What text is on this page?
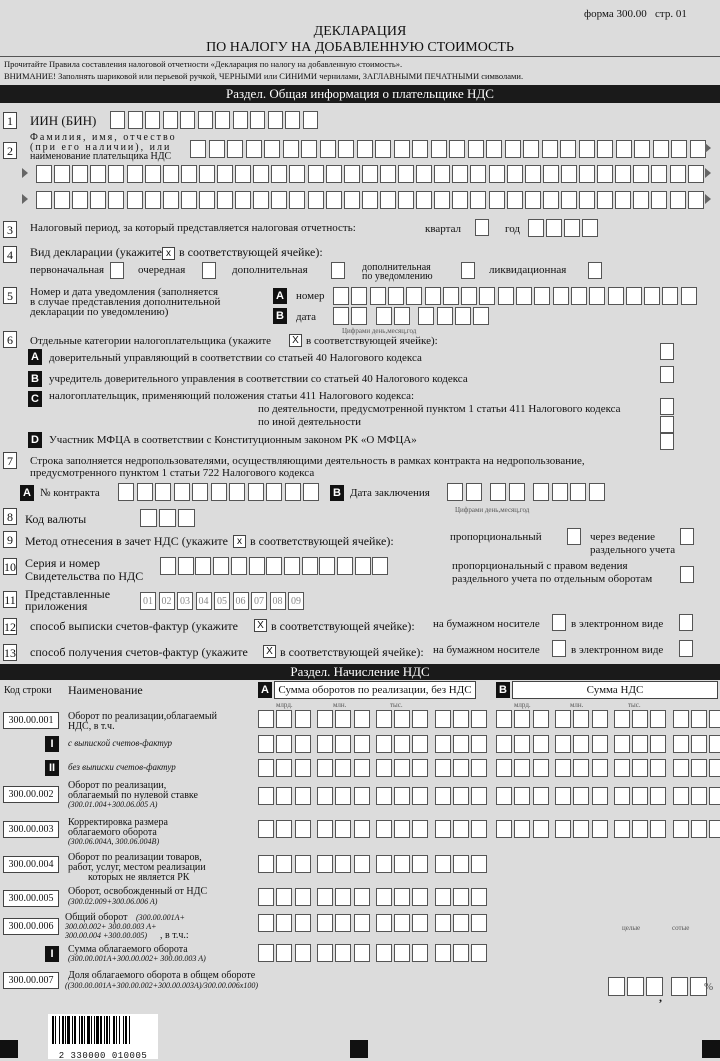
форма 300.00 стр. 01
ДЕКЛАРАЦИЯ
ПО НАЛОГУ НА ДОБАВЛЕННУЮ СТОИМОСТЬ
Прочитайте Правила составления налоговой отчетности «Декларация по налогу на добавленную стоимость».
ВНИМАНИЕ! Заполнять шариковой или перьевой ручкой, ЧЕРНЫМИ или СИНИМИ чернилами, ЗАГЛАВНЫМИ ПЕЧАТНЫМИ символами.
Раздел. Общая информация о плательщике НДС
1	ИИН (БИН)
2
Фамилия, имя, отчество
(при его наличии), или
наименование плательщика НДС
3	Налоговый период, за который представляется налоговая отчетность:	квартал	год
4	Вид декларации (укажите x в соответствующей ячейке):
первоначальная	очередная	дополнительная	дополнительная
по уведомлению
ликвидационная
5	Номер и дата уведомления (заполняется
в случае представления дополнительной
декларации по уведомлению)
A номер
B дата
Цифрами день,месяц,год
6	Отдельные категории налогоплательщика (укажите	X в соответствующей ячейке):
A доверительный управляющий в соответствии со статьей 40 Налогового кодекса
B учредитель доверительного управления в соответствии со статьей 40 Налогового кодекса
C налогоплательщик, применяющий положения статьи 411 Налогового кодекса:
по деятельности, предусмотренной пунктом 1 статьи 411 Налогового кодекса
по иной деятельности
D Участник МФЦА в соответствии с Конституционным законом РК «О МФЦА»
7	Строка заполняется недропользователями, осуществляющими деятельность в рамках контракта на недропользование,
предусмотренного пунктом 1 статьи 722 Налогового кодекса
A № контракта	B Дата заключения
Цифрами день,месяц,год
8	Код валюты
9	Метод отнесения в зачет НДС (укажите x в соответствующей ячейке):	пропорциональный	через ведение
раздельного учета
10 Серия и номер
Свидетельства по НДС
пропорциональный с правом ведения
раздельного учета по отдельным оборотам
11 Представленные
приложения	01 02 03 04 05 06 07 08 09
12 способ выписки счетов-фактур (укажите	X в соответствующей ячейке): на бумажном носителе	в электронном виде
13 способ получения счетов-фактур (укажите	X в соответствующей ячейке): на бумажном носителе	в электронном виде
Раздел. Начисление НДС
Код строки Наименование	A Сумма оборотов по реализации, без НДС	B	Сумма НДС
млрд.	млн.	тыс.	млрд.	млн.	тыс.
300.00.001	Оборот по реализации,облагаемый
НДС, в т.ч.
I	с выпиской счетов-фактур
II	без выписки счетов-фактур
300.00.002
Оборот по реализации,
облагаемый по нулевой ставке
(300.01.004+300.06.005 A)
300.00.003
Корректировка размера
облагаемого оборота
(300.06.004A, 300.06.004B)
300.00.004
Оборот по реализации товаров,
работ, услуг, местом реализации
которых не является РК
300.00.005
Оборот, освобожденный от НДС
(300.02.009+300.06.006 A)
300.00.006
Общий оборот (300.00.001A+
300.00.002+ 300.00.003 A+
300.00.004 +300.00.005) , в т.ч.:
I	Сумма облагаемого оборота
(300.00.001A+300.00.002+ 300.00.003 A)
300.00.007	Доля облагаемого оборота в общем обороте
((300.00.001A+300.00.002+300.00.003A)/300.00.006x100)
целые	сотые
,
%
2 330000 010005
